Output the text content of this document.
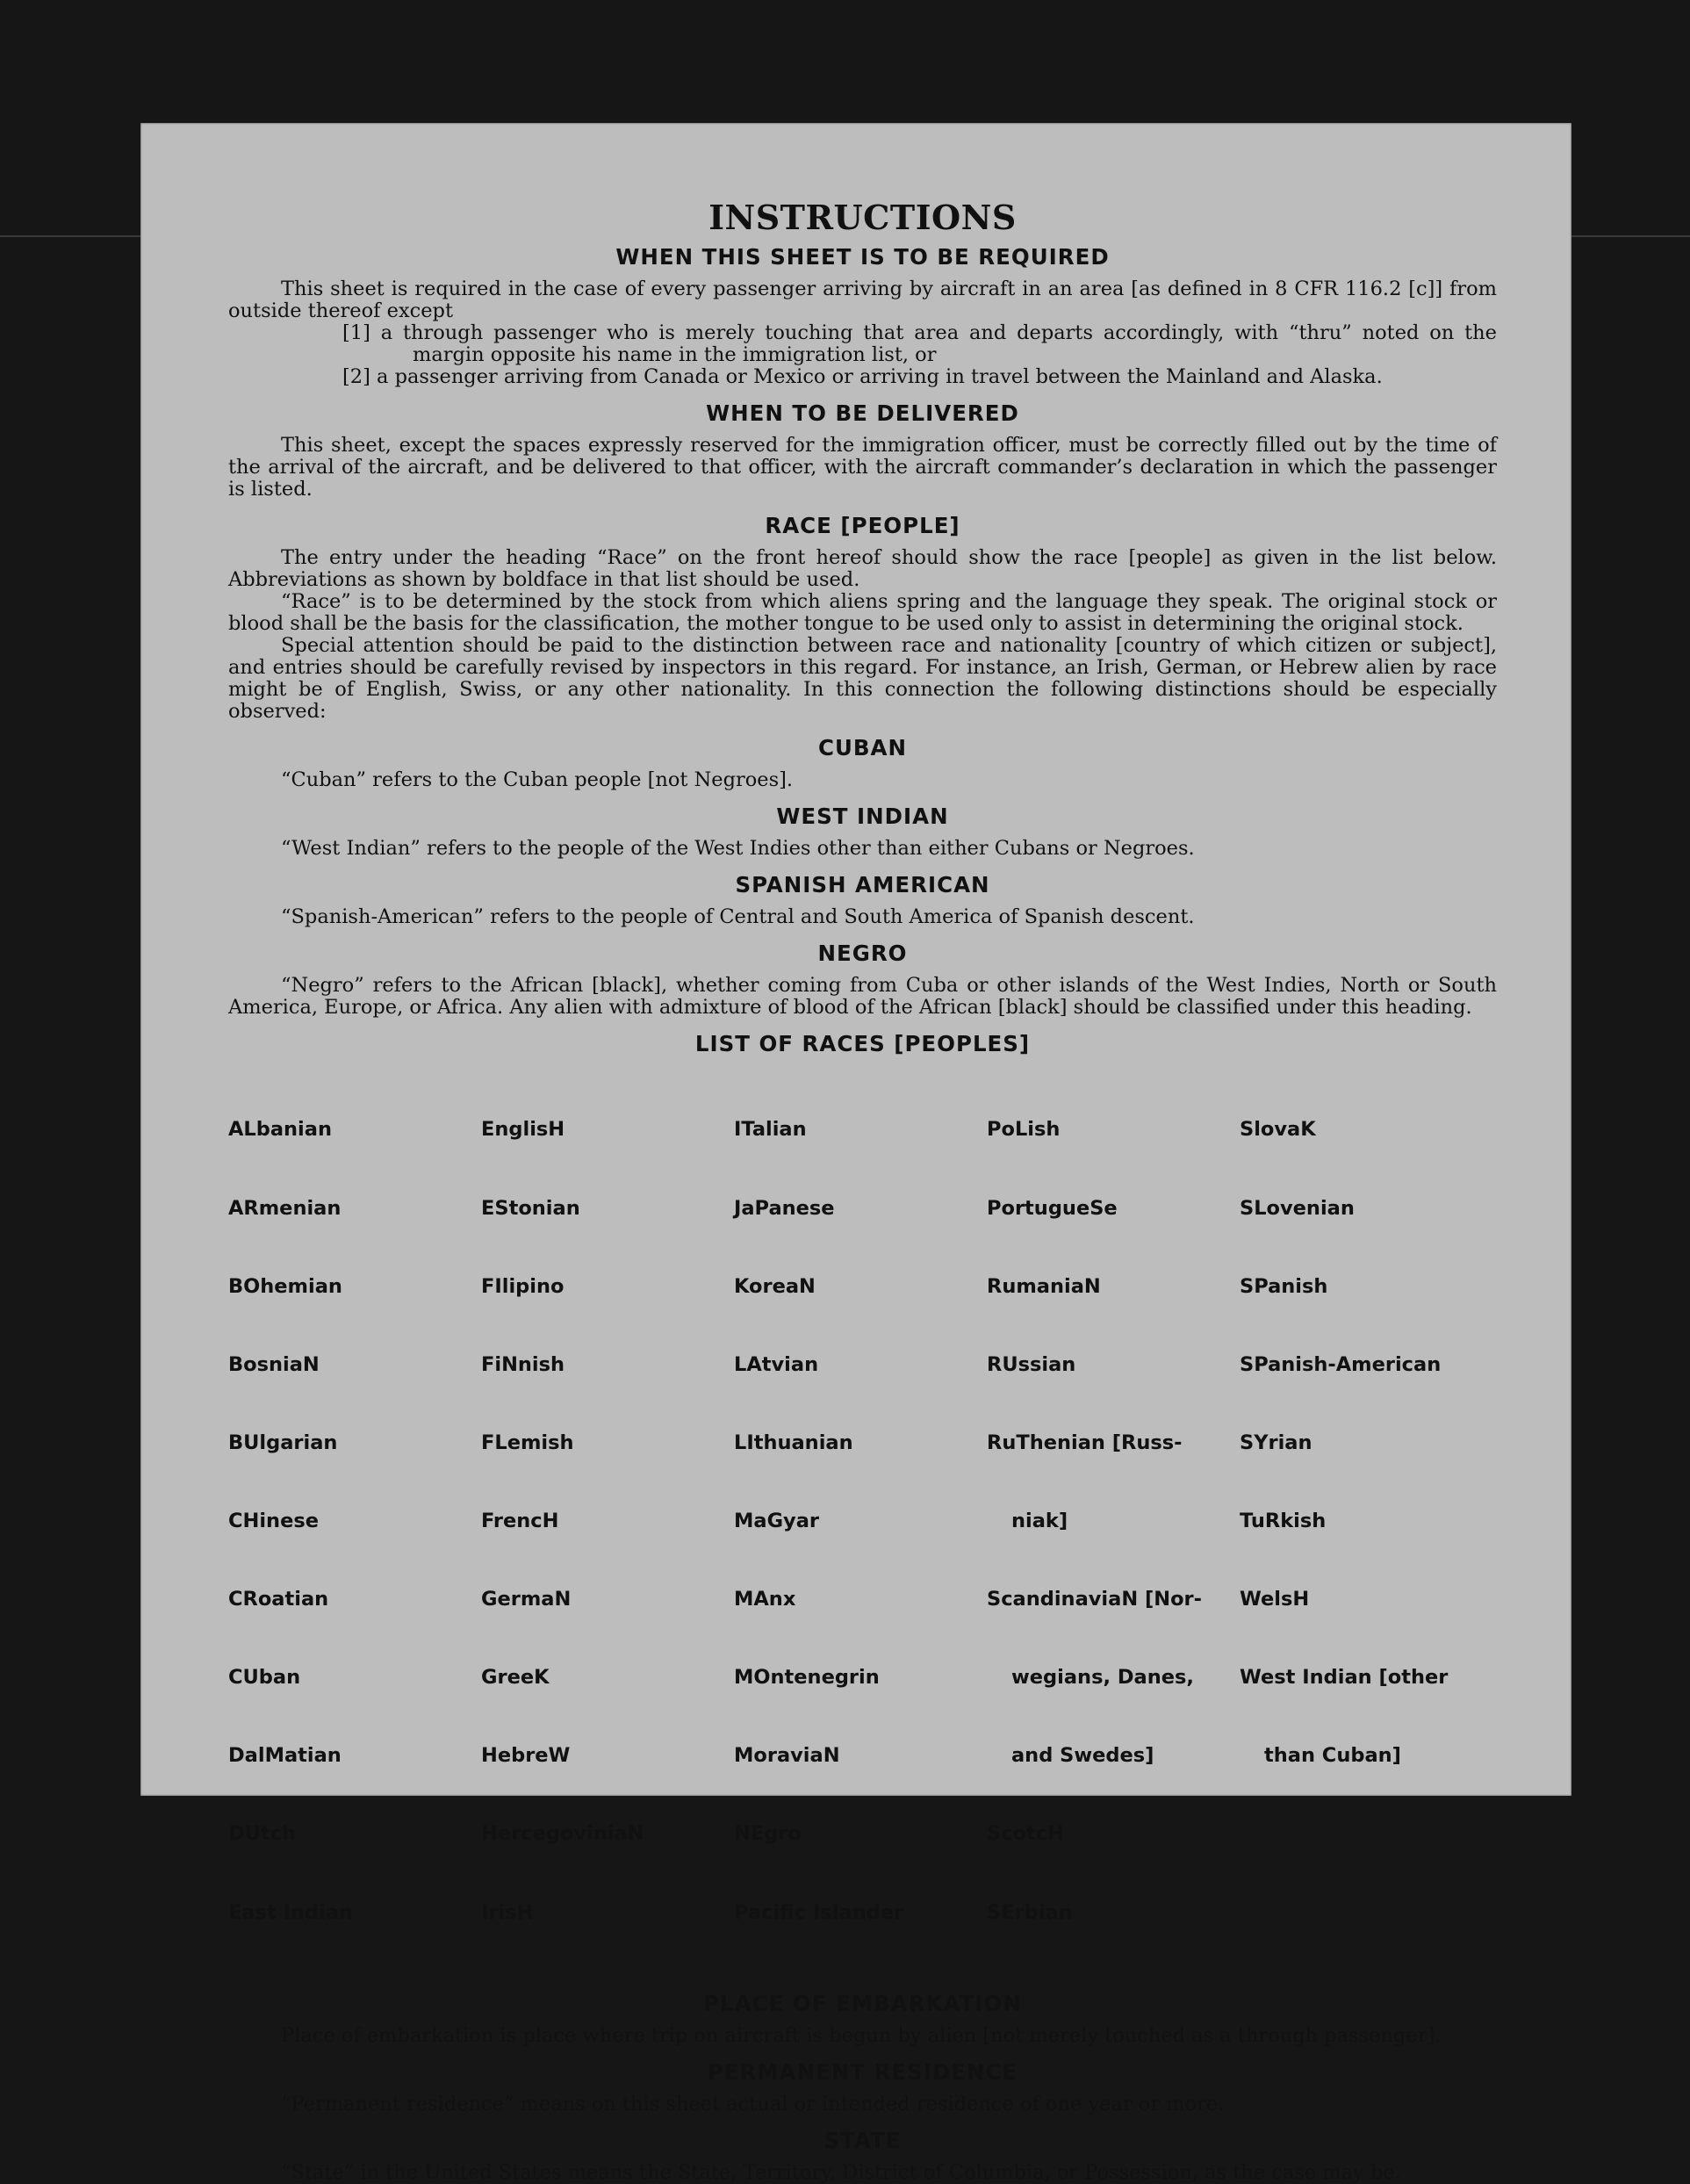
INSTRUCTIONS
WHEN THIS SHEET IS TO BE REQUIRED

This sheet is required in the case of every passenger arriving by aircraft in an area [as defined in 8 CFR 116.2 [c]] from outside thereof except

[1] a through passenger who is merely touching that area and departs accordingly, with “thru” noted on the margin opposite his name in the immigration list, or

[2] a passenger arriving from Canada or Mexico or arriving in travel between the Mainland and Alaska.

WHEN TO BE DELIVERED

This sheet, except the spaces expressly reserved for the immigration officer, must be correctly filled out by the time of the arrival of the aircraft, and be delivered to that officer, with the aircraft commander’s declaration in which the passenger is listed.

RACE [PEOPLE]

The entry under the heading “Race” on the front hereof should show the race [people] as given in the list below. Abbreviations as shown by boldface in that list should be used.

“Race” is to be determined by the stock from which aliens spring and the language they speak. The original stock or blood shall be the basis for the classification, the mother tongue to be used only to assist in determining the original stock.

Special attention should be paid to the distinction between race and nationality [country of which citizen or subject], and entries should be carefully revised by inspectors in this regard. For instance, an Irish, German, or Hebrew alien by race might be of English, Swiss, or any other nationality. In this connection the following distinctions should be especially observed:

CUBAN

“Cuban” refers to the Cuban people [not Negroes].

WEST INDIAN

“West Indian” refers to the people of the West Indies other than either Cubans or Negroes.

SPANISH AMERICAN

“Spanish-American” refers to the people of Central and South America of Spanish descent.

NEGRO

“Negro” refers to the African [black], whether coming from Cuba or other islands of the West Indies, North or South America, Europe, or Africa. Any alien with admixture of blood of the African [black] should be classified under this heading.

LIST OF RACES [PEOPLES]

ALbanian

ARmenian

BOhemian

BosniaN

BUlgarian

CHinese

CRoatian

CUban

DalMatian

DUtch

East Indian

EnglisH

EStonian

FIlipino

FiNnish

FLemish

FrencH

GermaN

GreeK

HebreW

HercegoviniaN

IrisH

ITalian

JaPanese

KoreaN

LAtvian

LIthuanian

MaGyar

MAnx

MOntenegrin

MoraviaN

NEgro

Pacific Islander

PoLish

PortugueSe

RumaniaN

RUssian

RuThenian [Russ-

niak]

ScandinaviaN [Nor-

wegians, Danes,

and Swedes]

ScotcH

SErbian

SlovaK

SLovenian

SPanish

SPanish-American

SYrian

TuRkish

WelsH

West Indian [other

than Cuban]

PLACE OF EMBARKATION

Place of embarkation is place where trip on aircraft is begun by alien [not merely touched as a through passenger].

PERMANENT RESIDENCE

“Permanent residence” means on this sheet actual or intended residence of one year or more.

STATE

“State” in the United States means the State, Territory, District of Columbia, or Possession, as the case may be.
